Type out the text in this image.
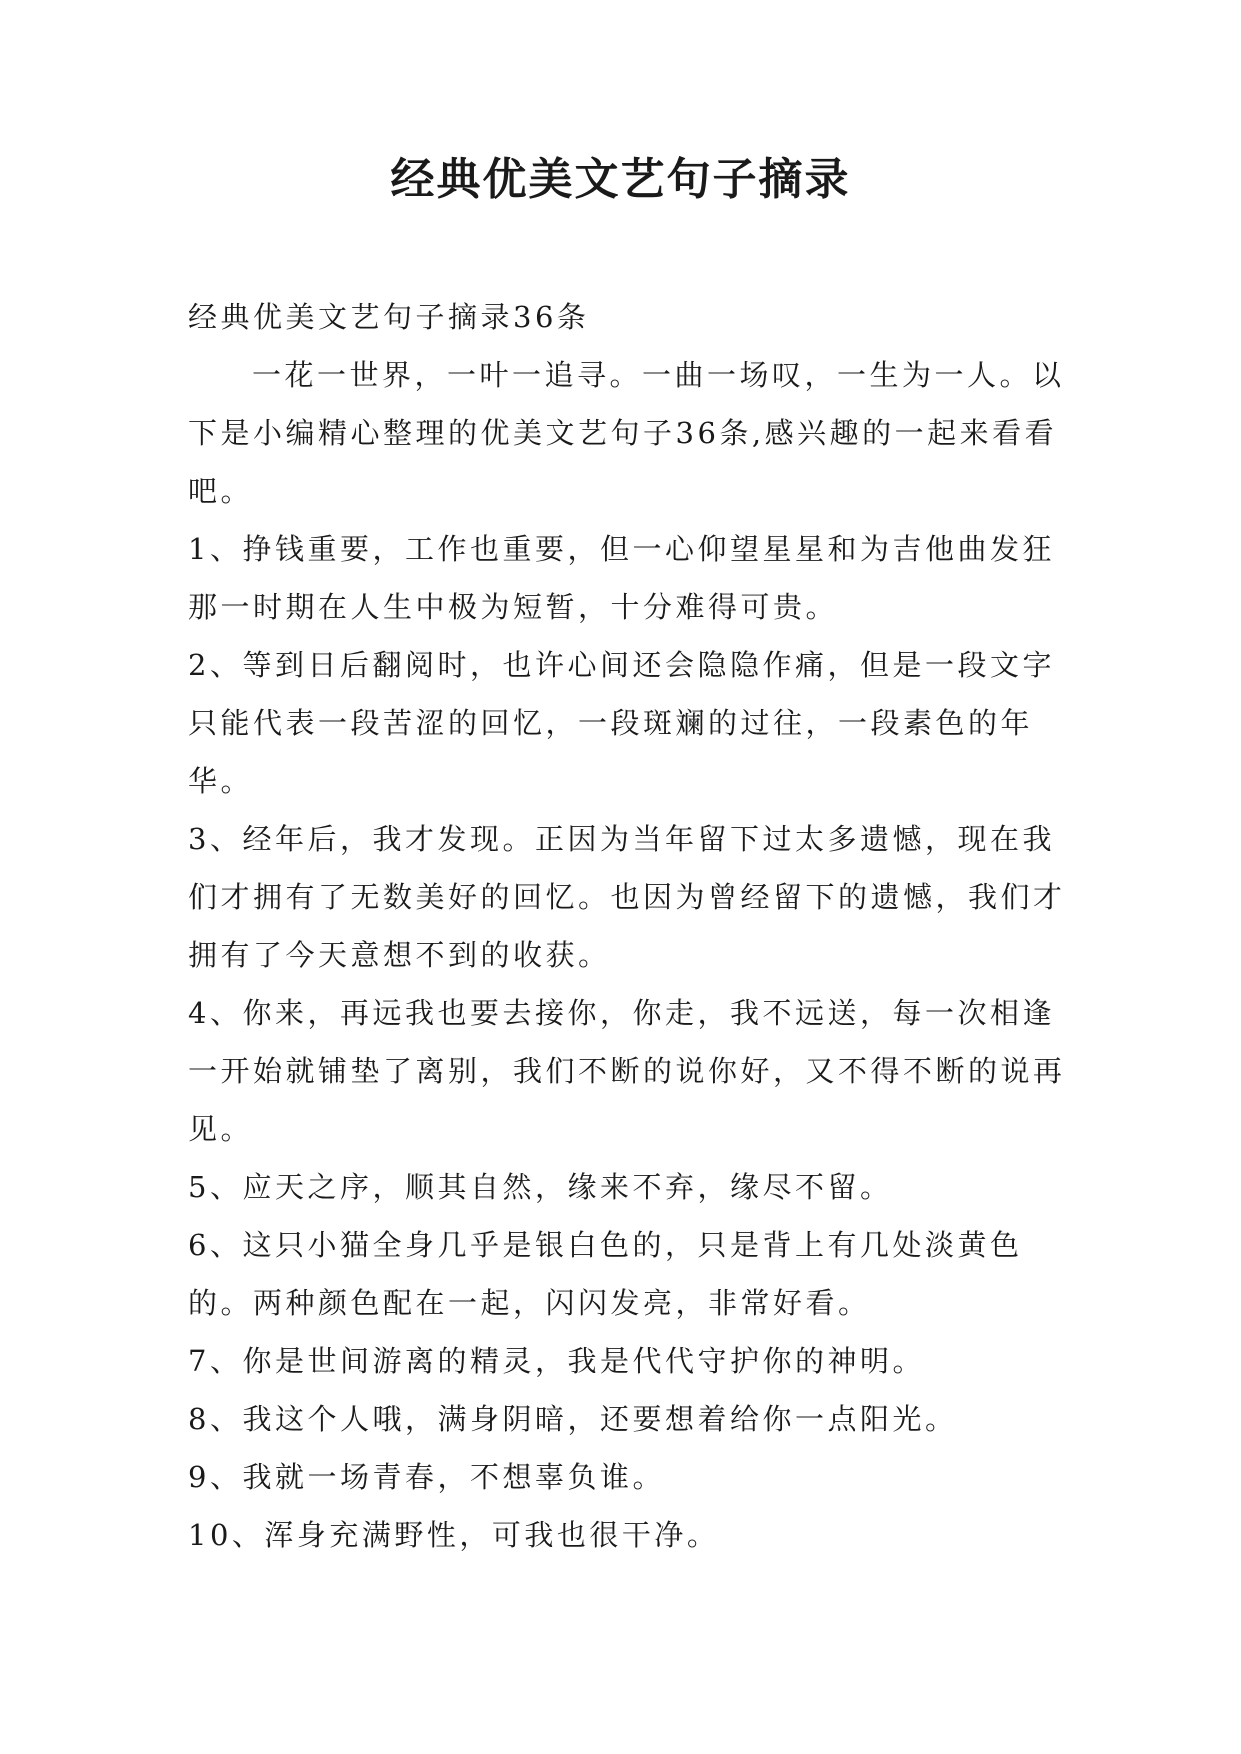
经典优美文艺句子摘录

经典优美文艺句子摘录36条

一花一世界，一叶一追寻。一曲一场叹，一生为一人。以下是小编精心整理的优美文艺句子36条,感兴趣的一起来看看吧。

1、挣钱重要，工作也重要，但一心仰望星星和为吉他曲发狂那一时期在人生中极为短暂，十分难得可贵。

2、等到日后翻阅时，也许心间还会隐隐作痛，但是一段文字只能代表一段苦涩的回忆，一段斑斓的过往，一段素色的年华。

3、经年后，我才发现。正因为当年留下过太多遗憾，现在我们才拥有了无数美好的回忆。也因为曾经留下的遗憾，我们才拥有了今天意想不到的收获。

4、你来，再远我也要去接你，你走，我不远送，每一次相逢一开始就铺垫了离别，我们不断的说你好，又不得不断的说再见。

5、应天之序，顺其自然，缘来不弃，缘尽不留。

6、这只小猫全身几乎是银白色的，只是背上有几处淡黄色的。两种颜色配在一起，闪闪发亮，非常好看。

7、你是世间游离的精灵，我是代代守护你的神明。

8、我这个人哦，满身阴暗，还要想着给你一点阳光。

9、我就一场青春，不想辜负谁。

10、浑身充满野性，可我也很干净。
